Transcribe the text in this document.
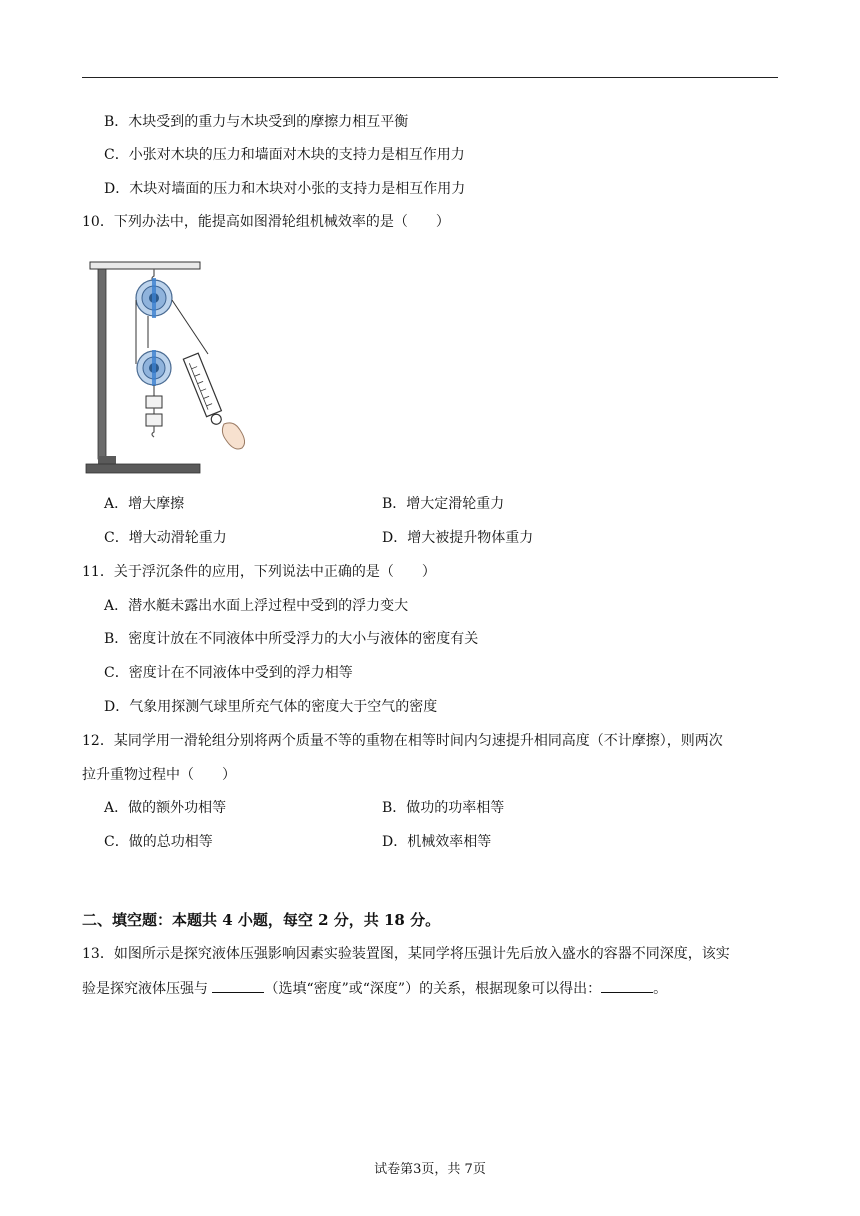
B．木块受到的重力与木块受到的摩擦力相互平衡
C．小张对木块的压力和墙面对木块的支持力是相互作用力
D．木块对墙面的压力和木块对小张的支持力是相互作用力
10．下列办法中，能提高如图滑轮组机械效率的是（　　）
A．增大摩擦	B．增大定滑轮重力
C．增大动滑轮重力	D．增大被提升物体重力
11．关于浮沉条件的应用，下列说法中正确的是（　　）
A．潜水艇未露出水面上浮过程中受到的浮力变大
B．密度计放在不同液体中所受浮力的大小与液体的密度有关
C．密度计在不同液体中受到的浮力相等
D．气象用探测气球里所充气体的密度大于空气的密度
12．某同学用一滑轮组分别将两个质量不等的重物在相等时间内匀速提升相同高度（不计摩擦），则两次
拉升重物过程中（　　）
A．做的额外功相等	B．做功的功率相等
C．做的总功相等	D．机械效率相等
二、填空题：本题共 4 小题，每空 2 分，共 18 分。
13．如图所示是探究液体压强影响因素实验装置图，某同学将压强计先后放入盛水的容器不同深度，该实
验是探究液体压强与	（选填“密度”或“深度”）的关系，根据现象可以得出：	。
试卷第3页，共 7页
